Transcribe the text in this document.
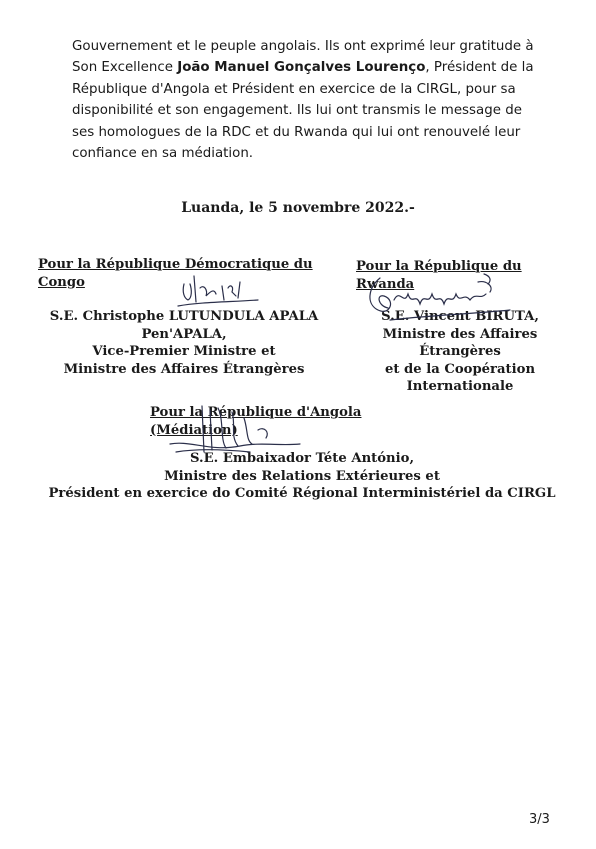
Gouvernement et le peuple angolais. Ils ont exprimé leur gratitude à

Son Excellence João Manuel Gonçalves Lourenço, Président de la

République d'Angola et Président en exercice de la CIRGL, pour sa

disponibilité et son engagement. Ils lui ont transmis le message de

ses homologues de la RDC et du Rwanda qui lui ont renouvelé leur

confiance en sa médiation.

Luanda, le 5 novembre 2022.-
Pour la République Démocratique du Congo
S.E. Christophe LUTUNDULA APALA
Pen'APALA,
Vice-Premier Ministre et
Ministre des Affaires Étrangères
Pour la République du Rwanda
S.E. Vincent BIRUTA,
Ministre des Affaires Étrangères
et de la Coopération
Internationale
Pour la République d'Angola (Médiation)
S.E. Embaixador Téte António,
Ministre des Relations Extérieures et
Président en exercice do Comité Régional Interministériel da CIRGL
3/3
